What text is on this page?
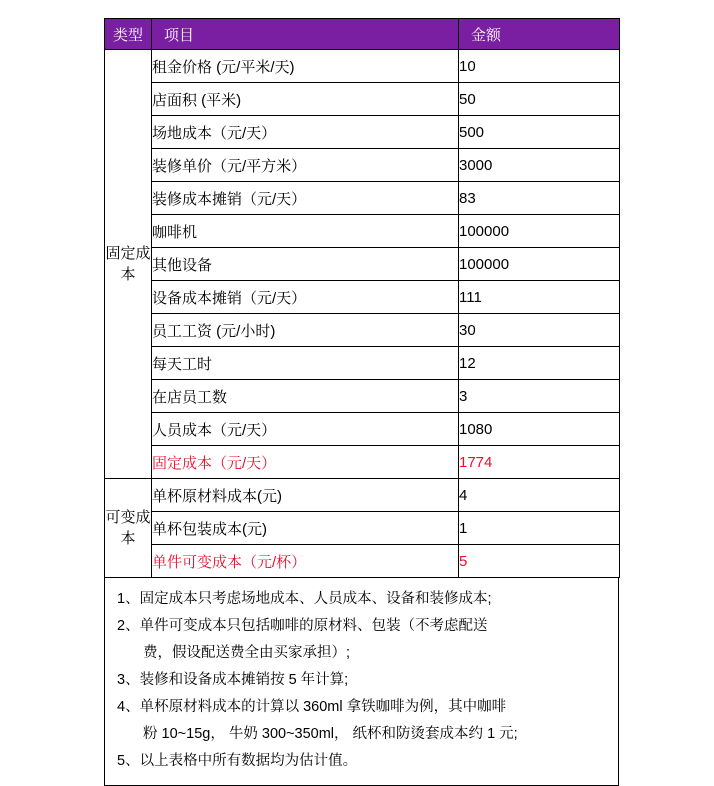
类型	项目	金额
固定成本	租金价格 (元/平米/天)	10
	店面积 (平米)	50
	场地成本（元/天）	500
	装修单价（元/平方米）	3000
	装修成本摊销（元/天）	83
	咖啡机	100000
	其他设备	100000
	设备成本摊销（元/天）	111
	员工工资 (元/小时)	30
	每天工时	12
	在店员工数	3
	人员成本（元/天）	1080
	固定成本（元/天）	1774
可变成本	单杯原材料成本(元)	4
	单杯包装成本(元)	1
	单件可变成本（元/杯）	5

1、固定成本只考虑场地成本、人员成本、设备和装修成本;

2、单件可变成本只包括咖啡的原材料、包装（不考虑配送

费，假设配送费全由买家承担）;

3、装修和设备成本摊销按 5 年计算;

4、单杯原材料成本的计算以 360ml 拿铁咖啡为例，其中咖啡

粉 10~15g， 牛奶 300~350ml， 纸杯和防烫套成本约 1 元;

5、以上表格中所有数据均为估计值。
